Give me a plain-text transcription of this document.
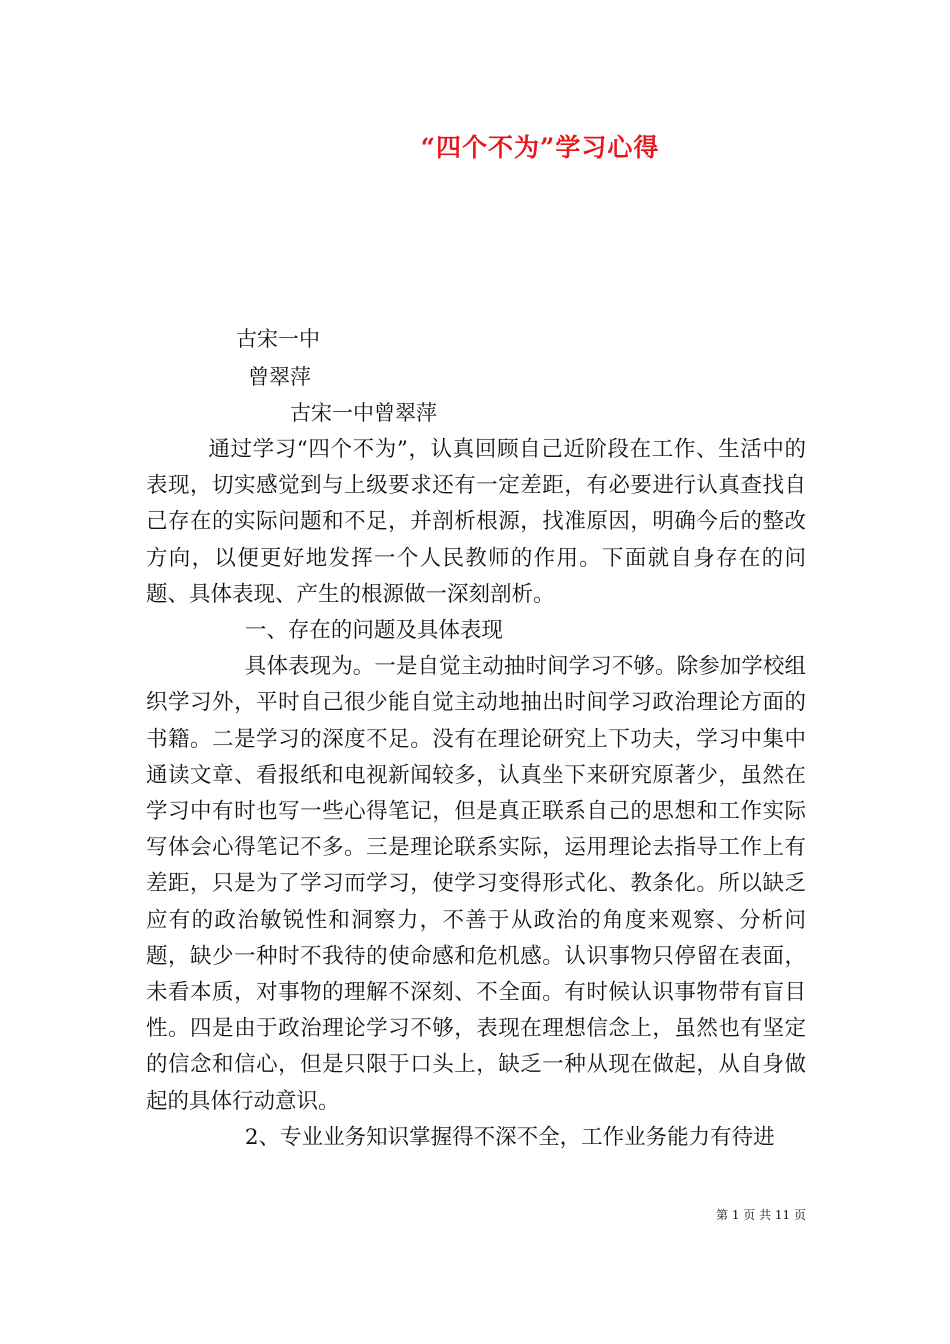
“四个不为”学习心得
古宋一中
曾翠萍
古宋一中曾翠萍

通过学习“四个不为”，认真回顾自己近阶段在工作、生活中的表现，切实感觉到与上级要求还有一定差距，有必要进行认真查找自己存在的实际问题和不足，并剖析根源，找准原因，明确今后的整改方向，以便更好地发挥一个人民教师的作用。下面就自身存在的问题、具体表现、产生的根源做一深刻剖析。

一、存在的问题及具体表现

具体表现为。一是自觉主动抽时间学习不够。除参加学校组织学习外，平时自己很少能自觉主动地抽出时间学习政治理论方面的书籍。二是学习的深度不足。没有在理论研究上下功夫，学习中集中通读文章、看报纸和电视新闻较多，认真坐下来研究原著少，虽然在学习中有时也写一些心得笔记，但是真正联系自己的思想和工作实际写体会心得笔记不多。三是理论联系实际，运用理论去指导工作上有差距，只是为了学习而学习，使学习变得形式化、教条化。所以缺乏应有的政治敏锐性和洞察力，不善于从政治的角度来观察、分析问题，缺少一种时不我待的使命感和危机感。认识事物只停留在表面，未看本质，对事物的理解不深刻、不全面。有时候认识事物带有盲目性。四是由于政治理论学习不够，表现在理想信念上，虽然也有坚定的信念和信心，但是只限于口头上，缺乏一种从现在做起，从自身做起的具体行动意识。

2、专业业务知识掌握得不深不全，工作业务能力有待进

第 1 页 共 11 页
